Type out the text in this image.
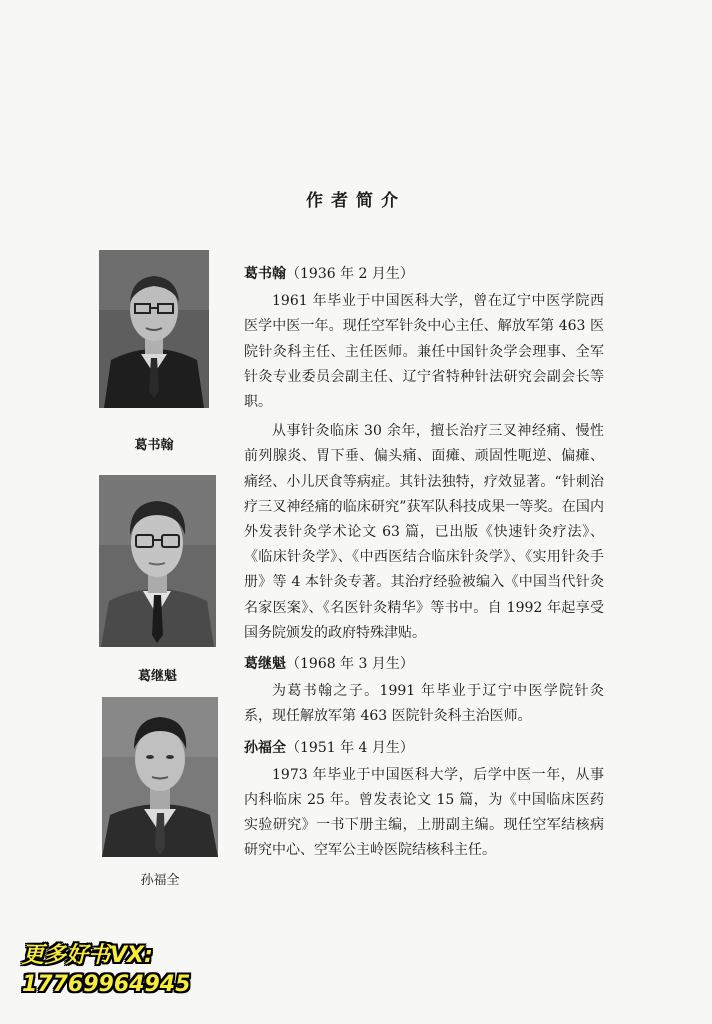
作者简介
葛书翰
葛继魁
孙福全

葛书翰（1936 年 2 月生）

1961 年毕业于中国医科大学，曾在辽宁中医学院西医学中医一年。现任空军针灸中心主任、解放军第 463 医院针灸科主任、主任医师。兼任中国针灸学会理事、全军针灸专业委员会副主任、辽宁省特种针法研究会副会长等职。

从事针灸临床 30 余年，擅长治疗三叉神经痛、慢性前列腺炎、胃下垂、偏头痛、面瘫、顽固性呃逆、偏瘫、痛经、小儿厌食等病症。其针法独特，疗效显著。“针刺治疗三叉神经痛的临床研究”获军队科技成果一等奖。在国内外发表针灸学术论文 63 篇，已出版《快速针灸疗法》、《临床针灸学》、《中西医结合临床针灸学》、《实用针灸手册》等 4 本针灸专著。其治疗经验被编入《中国当代针灸名家医案》、《名医针灸精华》等书中。自 1992 年起享受国务院颁发的政府特殊津贴。

葛继魁（1968 年 3 月生）

为葛书翰之子。1991 年毕业于辽宁中医学院针灸系，现任解放军第 463 医院针灸科主治医师。

孙福全（1951 年 4 月生）

1973 年毕业于中国医科大学，后学中医一年，从事内科临床 25 年。曾发表论文 15 篇，为《中国临床医药实验研究》一书下册主编，上册副主编。现任空军结核病研究中心、空军公主岭医院结核科主任。

更多好书VX:
17769964945
